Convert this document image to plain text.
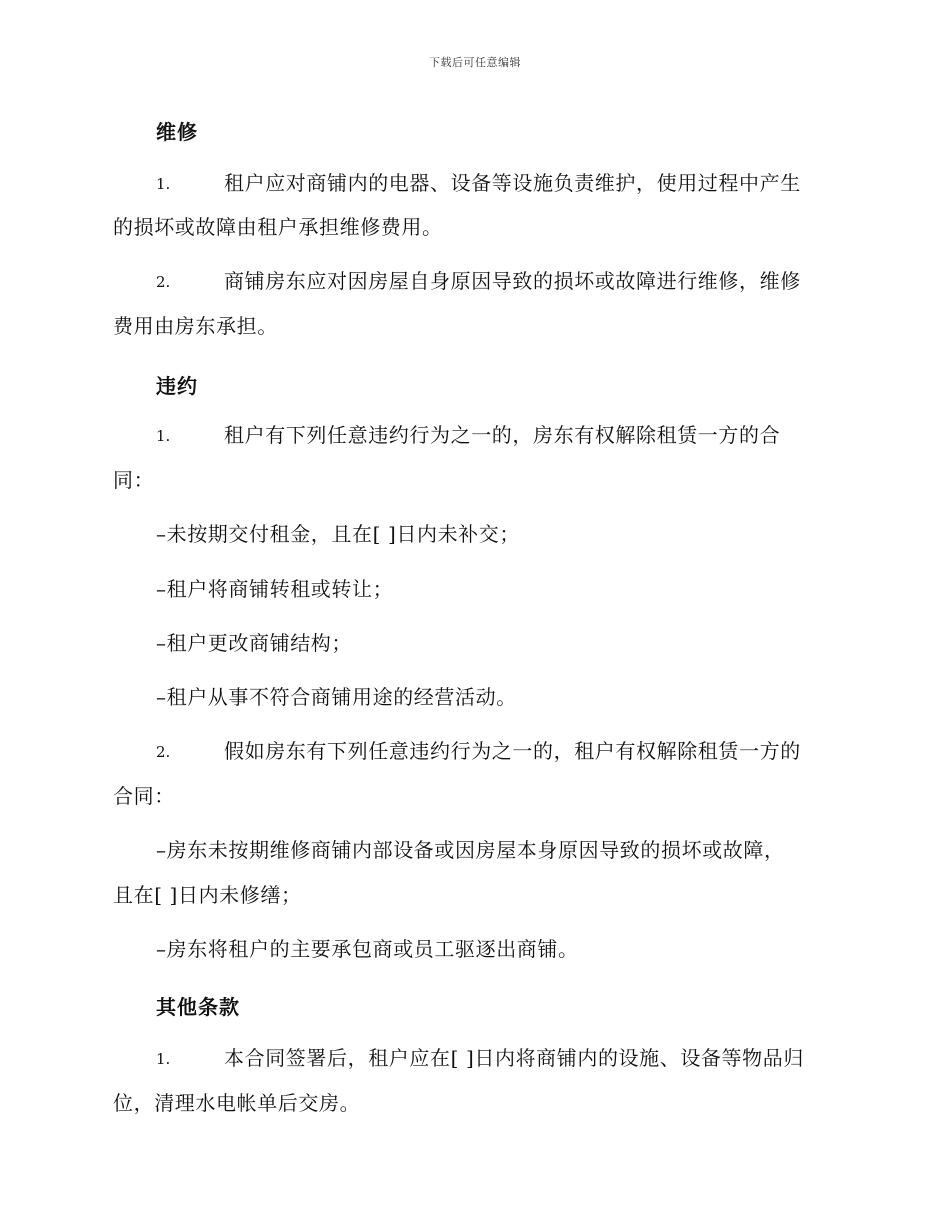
下载后可任意编辑
维修
1.	租户应对商铺内的电器、设备等设施负责维护，使用过程中产生
的损坏或故障由租户承担维修费用。
2.	商铺房东应对因房屋自身原因导致的损坏或故障进行维修，维修
费用由房东承担。
违约
1.	租户有下列任意违约行为之一的，房东有权解除租赁一方的合
同：
–未按期交付租金，且在[ ]日内未补交；
–租户将商铺转租或转让；
–租户更改商铺结构；
–租户从事不符合商铺用途的经营活动。
2.	假如房东有下列任意违约行为之一的，租户有权解除租赁一方的
合同：
–房东未按期维修商铺内部设备或因房屋本身原因导致的损坏或故障，
且在[ ]日内未修缮；
–房东将租户的主要承包商或员工驱逐出商铺。
其他条款
1.	本合同签署后，租户应在[ ]日内将商铺内的设施、设备等物品归
位，清理水电帐单后交房。
